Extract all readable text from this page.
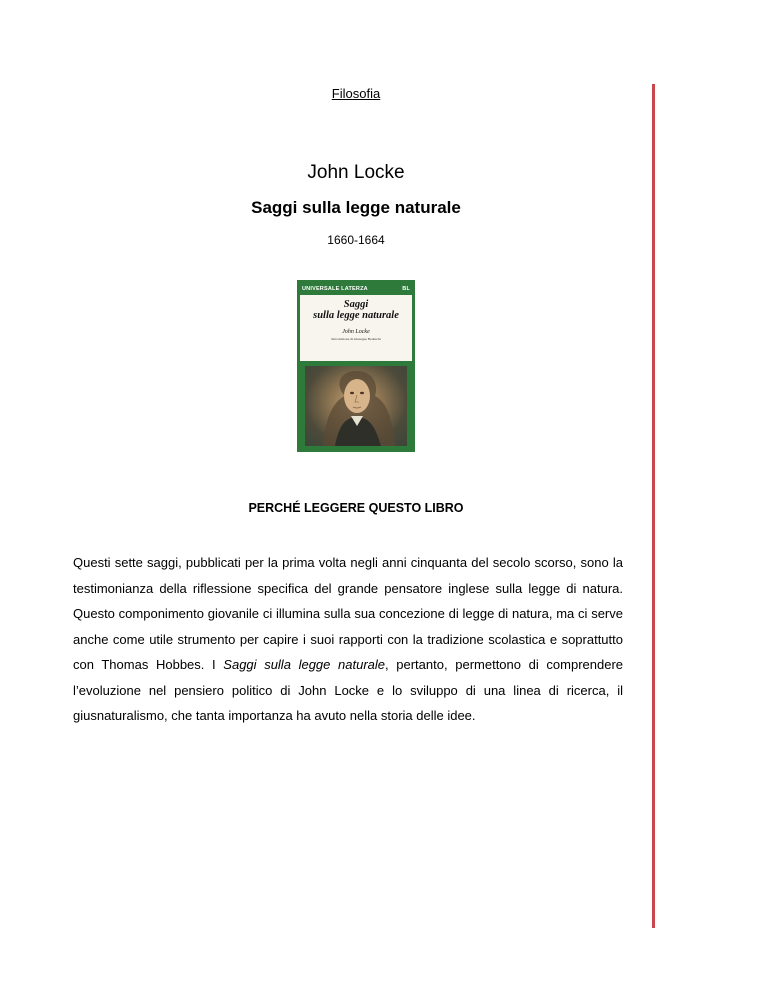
Filosofia
John Locke
Saggi sulla legge naturale
1660-1664
UNIVERSALE LATERZA	BL
Saggi
sulla legge naturale
John Locke
Introduzione di Giuseppe Bedeschi
PERCHÉ LEGGERE QUESTO LIBRO
Questi sette saggi, pubblicati per la prima volta negli anni cinquanta del secolo scorso, sono la testimonianza della riflessione specifica del grande pensatore inglese sulla legge di natura. Questo componimento giovanile ci illumina sulla sua concezione di legge di natura, ma ci serve anche come utile strumento per capire i suoi rapporti con la tradizione scolastica e soprattutto con Thomas Hobbes. I Saggi sulla legge naturale, pertanto, permettono di comprendere l’evoluzione nel pensiero politico di John Locke e lo sviluppo di una linea di ricerca, il giusnaturalismo, che tanta importanza ha avuto nella storia delle idee.
